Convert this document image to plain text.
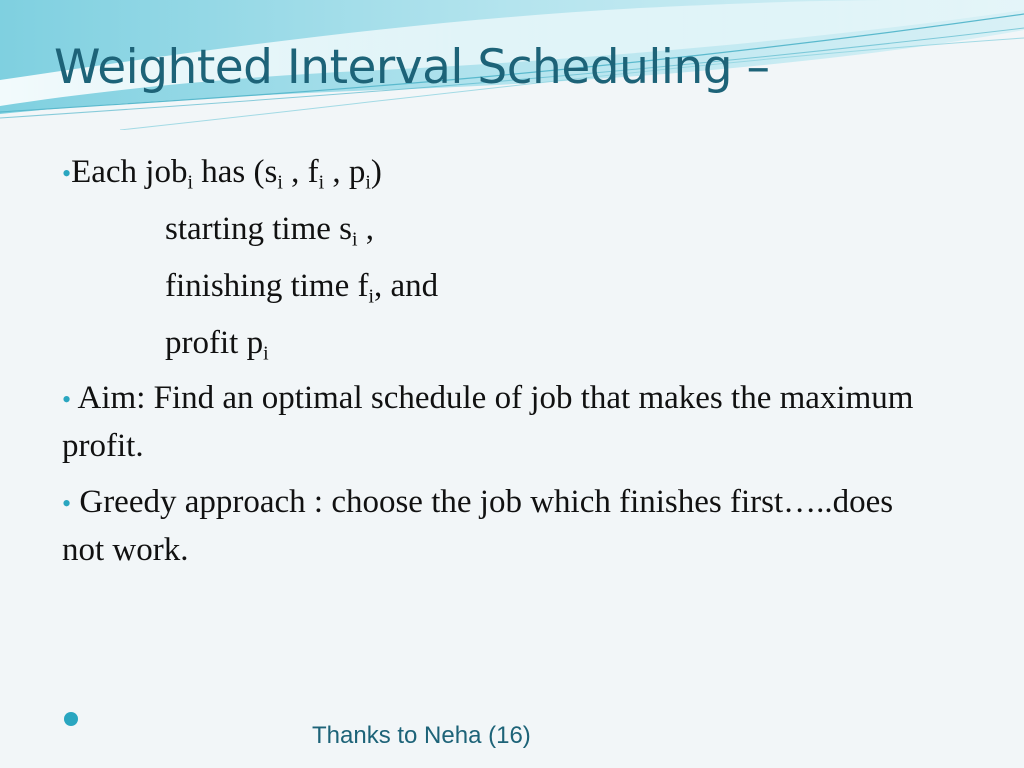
Weighted Interval Scheduling –
•Each job$_i$ has ($s_i$ , $f_i$ , $p_i$)
starting time $s_i$ ,
finishing time $f_i$, and
profit $p_i$
• Aim: Find an optimal schedule of job that makes the maximum profit.
• Greedy approach : choose the job which finishes first…..does not work.

Thanks to Neha (16)
